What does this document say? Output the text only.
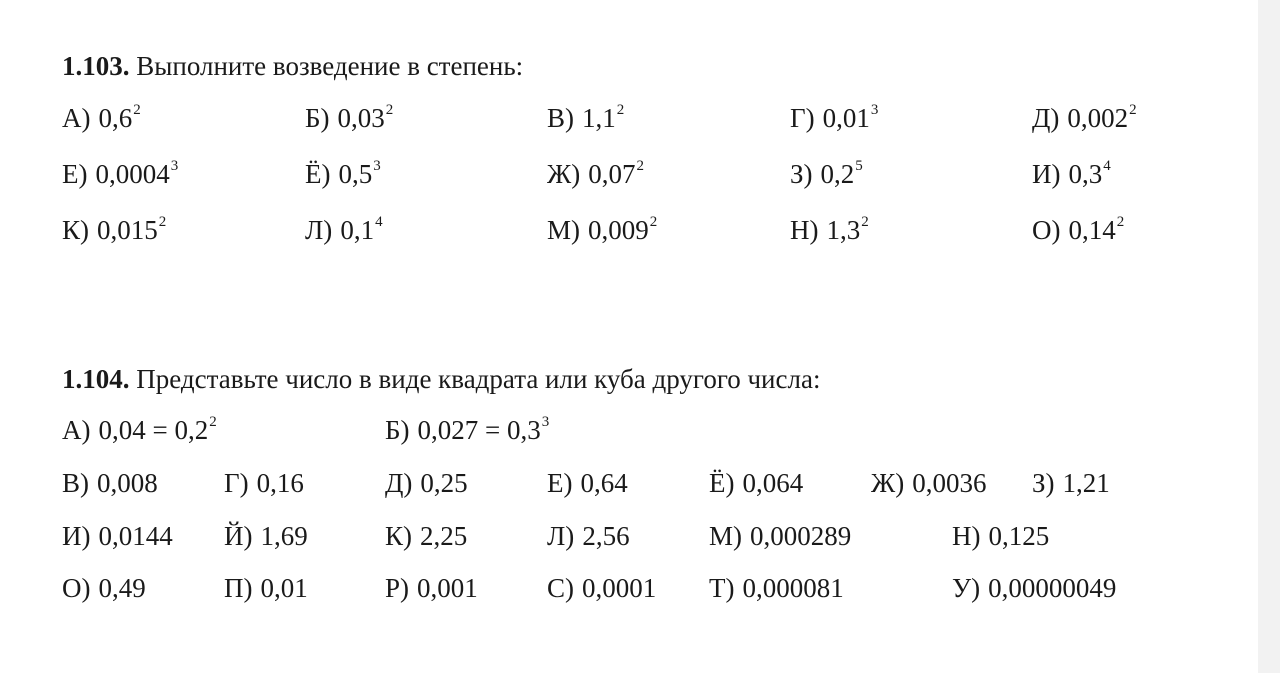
1.103. Выполните возведение в степень:
А) $0,6^2$	Б) 0,03$^2$	В) $1,1^2$	Г) 0,01$^3$	Д) 0,002$^2$
Е) 0,0004$^3$	Ё) $0,5^3$	Ж) 0,07$^2$	З) $0,2^5$	И) $0,3^4$
К) 0,015$^2$	Л) $0,1^4$	М) 0,009$^2$	Н) $1,3^2$	О) 0,14$^2$
1.104. Представьте число в виде квадрата или куба другого числа:
А) $0,04 = 0,2^2$	Б) $0,027 = 0,3^3$
В) 0,008 Г) 0,16	Д) 0,25	Е) 0,64	Ё) 0,064	Ж) 0,0036 З) 1,21
И) 0,0144 Й) 1,69	К) 2,25	Л) 2,56	М) 0,000289	Н) 0,125
О) 0,49	П) 0,01	Р) 0,001	С) 0,0001 Т) 0,000081	У) 0,00000049
